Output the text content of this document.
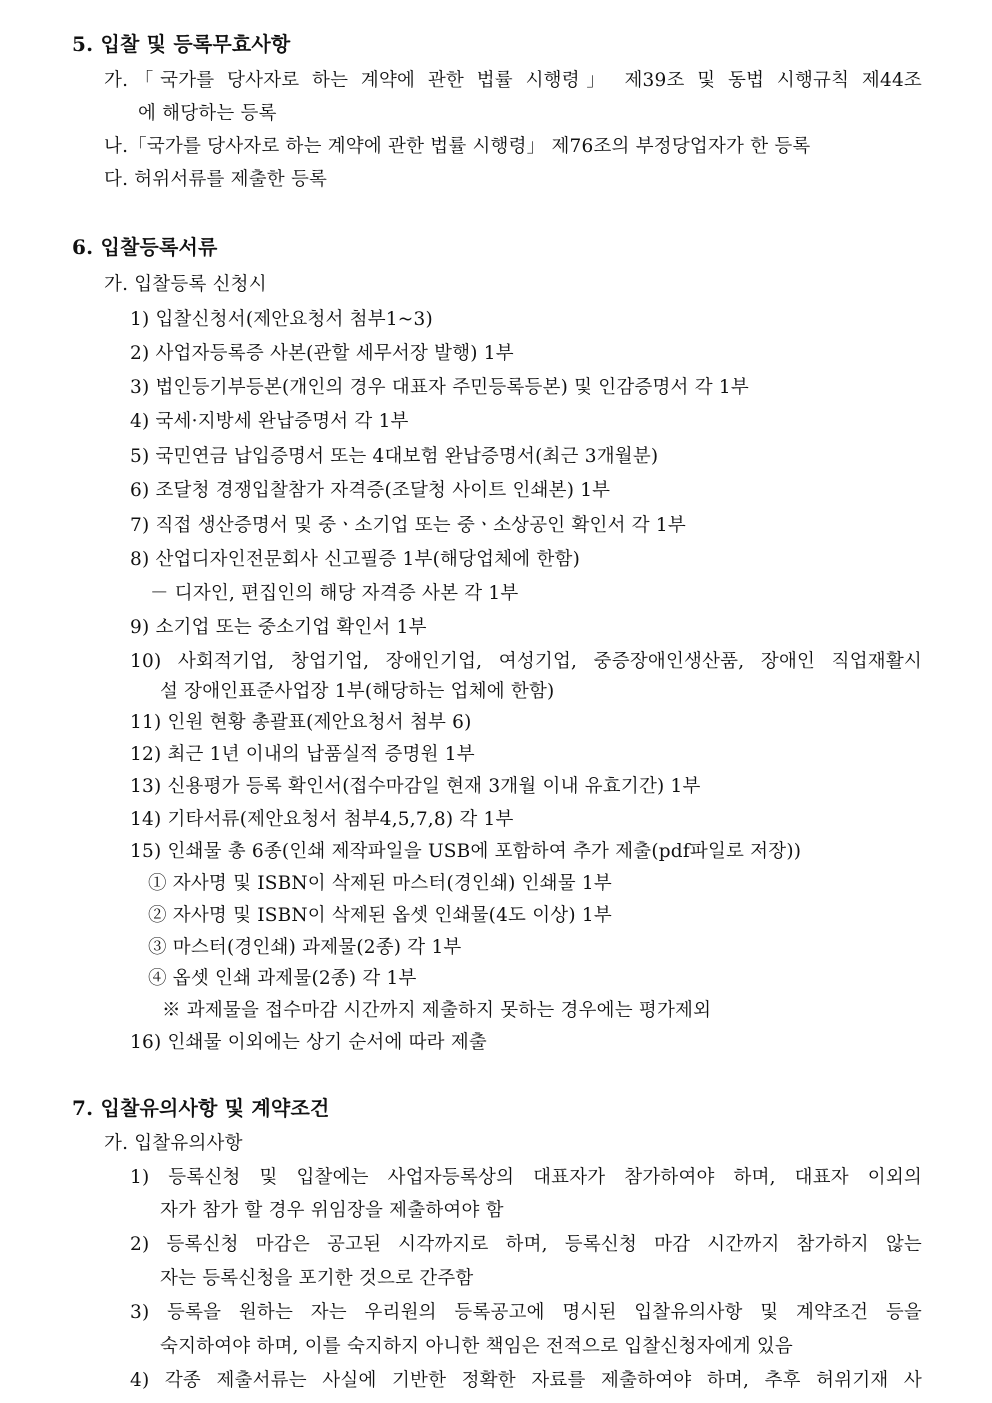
5. 입찰 및 등록무효사항
가.「국가를 당사자로 하는 계약에 관한 법률 시행령」 제39조 및 동법 시행규칙 제44조
에 해당하는 등록
나.「국가를 당사자로 하는 계약에 관한 법률 시행령」 제76조의 부정당업자가 한 등록
다. 허위서류를 제출한 등록
6. 입찰등록서류
가. 입찰등록 신청시
1) 입찰신청서(제안요청서 첨부1~3)
2) 사업자등록증 사본(관할 세무서장 발행) 1부
3) 법인등기부등본(개인의 경우 대표자 주민등록등본) 및 인감증명서 각 1부
4) 국세·지방세 완납증명서 각 1부
5) 국민연금 납입증명서 또는 4대보험 완납증명서(최근 3개월분)
6) 조달청 경쟁입찰참가 자격증(조달청 사이트 인쇄본) 1부
7) 직접 생산증명서 및 중ㆍ소기업 또는 중ㆍ소상공인 확인서 각 1부
8) 산업디자인전문회사 신고필증 1부(해당업체에 한함)
－ 디자인, 편집인의 해당 자격증 사본 각 1부
9) 소기업 또는 중소기업 확인서 1부
10) 사회적기업, 창업기업, 장애인기업, 여성기업, 중증장애인생산품, 장애인 직업재활시
설 장애인표준사업장 1부(해당하는 업체에 한함)
11) 인원 현황 총괄표(제안요청서 첨부 6)
12) 최근 1년 이내의 납품실적 증명원 1부
13) 신용평가 등록 확인서(접수마감일 현재 3개월 이내 유효기간) 1부
14) 기타서류(제안요청서 첨부4,5,7,8) 각 1부
15) 인쇄물 총 6종(인쇄 제작파일을 USB에 포함하여 추가 제출(pdf파일로 저장))
① 자사명 및 ISBN이 삭제된 마스터(경인쇄) 인쇄물 1부
② 자사명 및 ISBN이 삭제된 옵셋 인쇄물(4도 이상) 1부
③ 마스터(경인쇄) 과제물(2종) 각 1부
④ 옵셋 인쇄 과제물(2종) 각 1부
※ 과제물을 접수마감 시간까지 제출하지 못하는 경우에는 평가제외
16) 인쇄물 이외에는 상기 순서에 따라 제출
7. 입찰유의사항 및 계약조건
가. 입찰유의사항
1) 등록신청 및 입찰에는 사업자등록상의 대표자가 참가하여야 하며, 대표자 이외의
자가 참가 할 경우 위임장을 제출하여야 함
2) 등록신청 마감은 공고된 시각까지로 하며, 등록신청 마감 시간까지 참가하지 않는
자는 등록신청을 포기한 것으로 간주함
3) 등록을 원하는 자는 우리원의 등록공고에 명시된 입찰유의사항 및 계약조건 등을
숙지하여야 하며, 이를 숙지하지 아니한 책임은 전적으로 입찰신청자에게 있음
4) 각종 제출서류는 사실에 기반한 정확한 자료를 제출하여야 하며, 추후 허위기재 사
